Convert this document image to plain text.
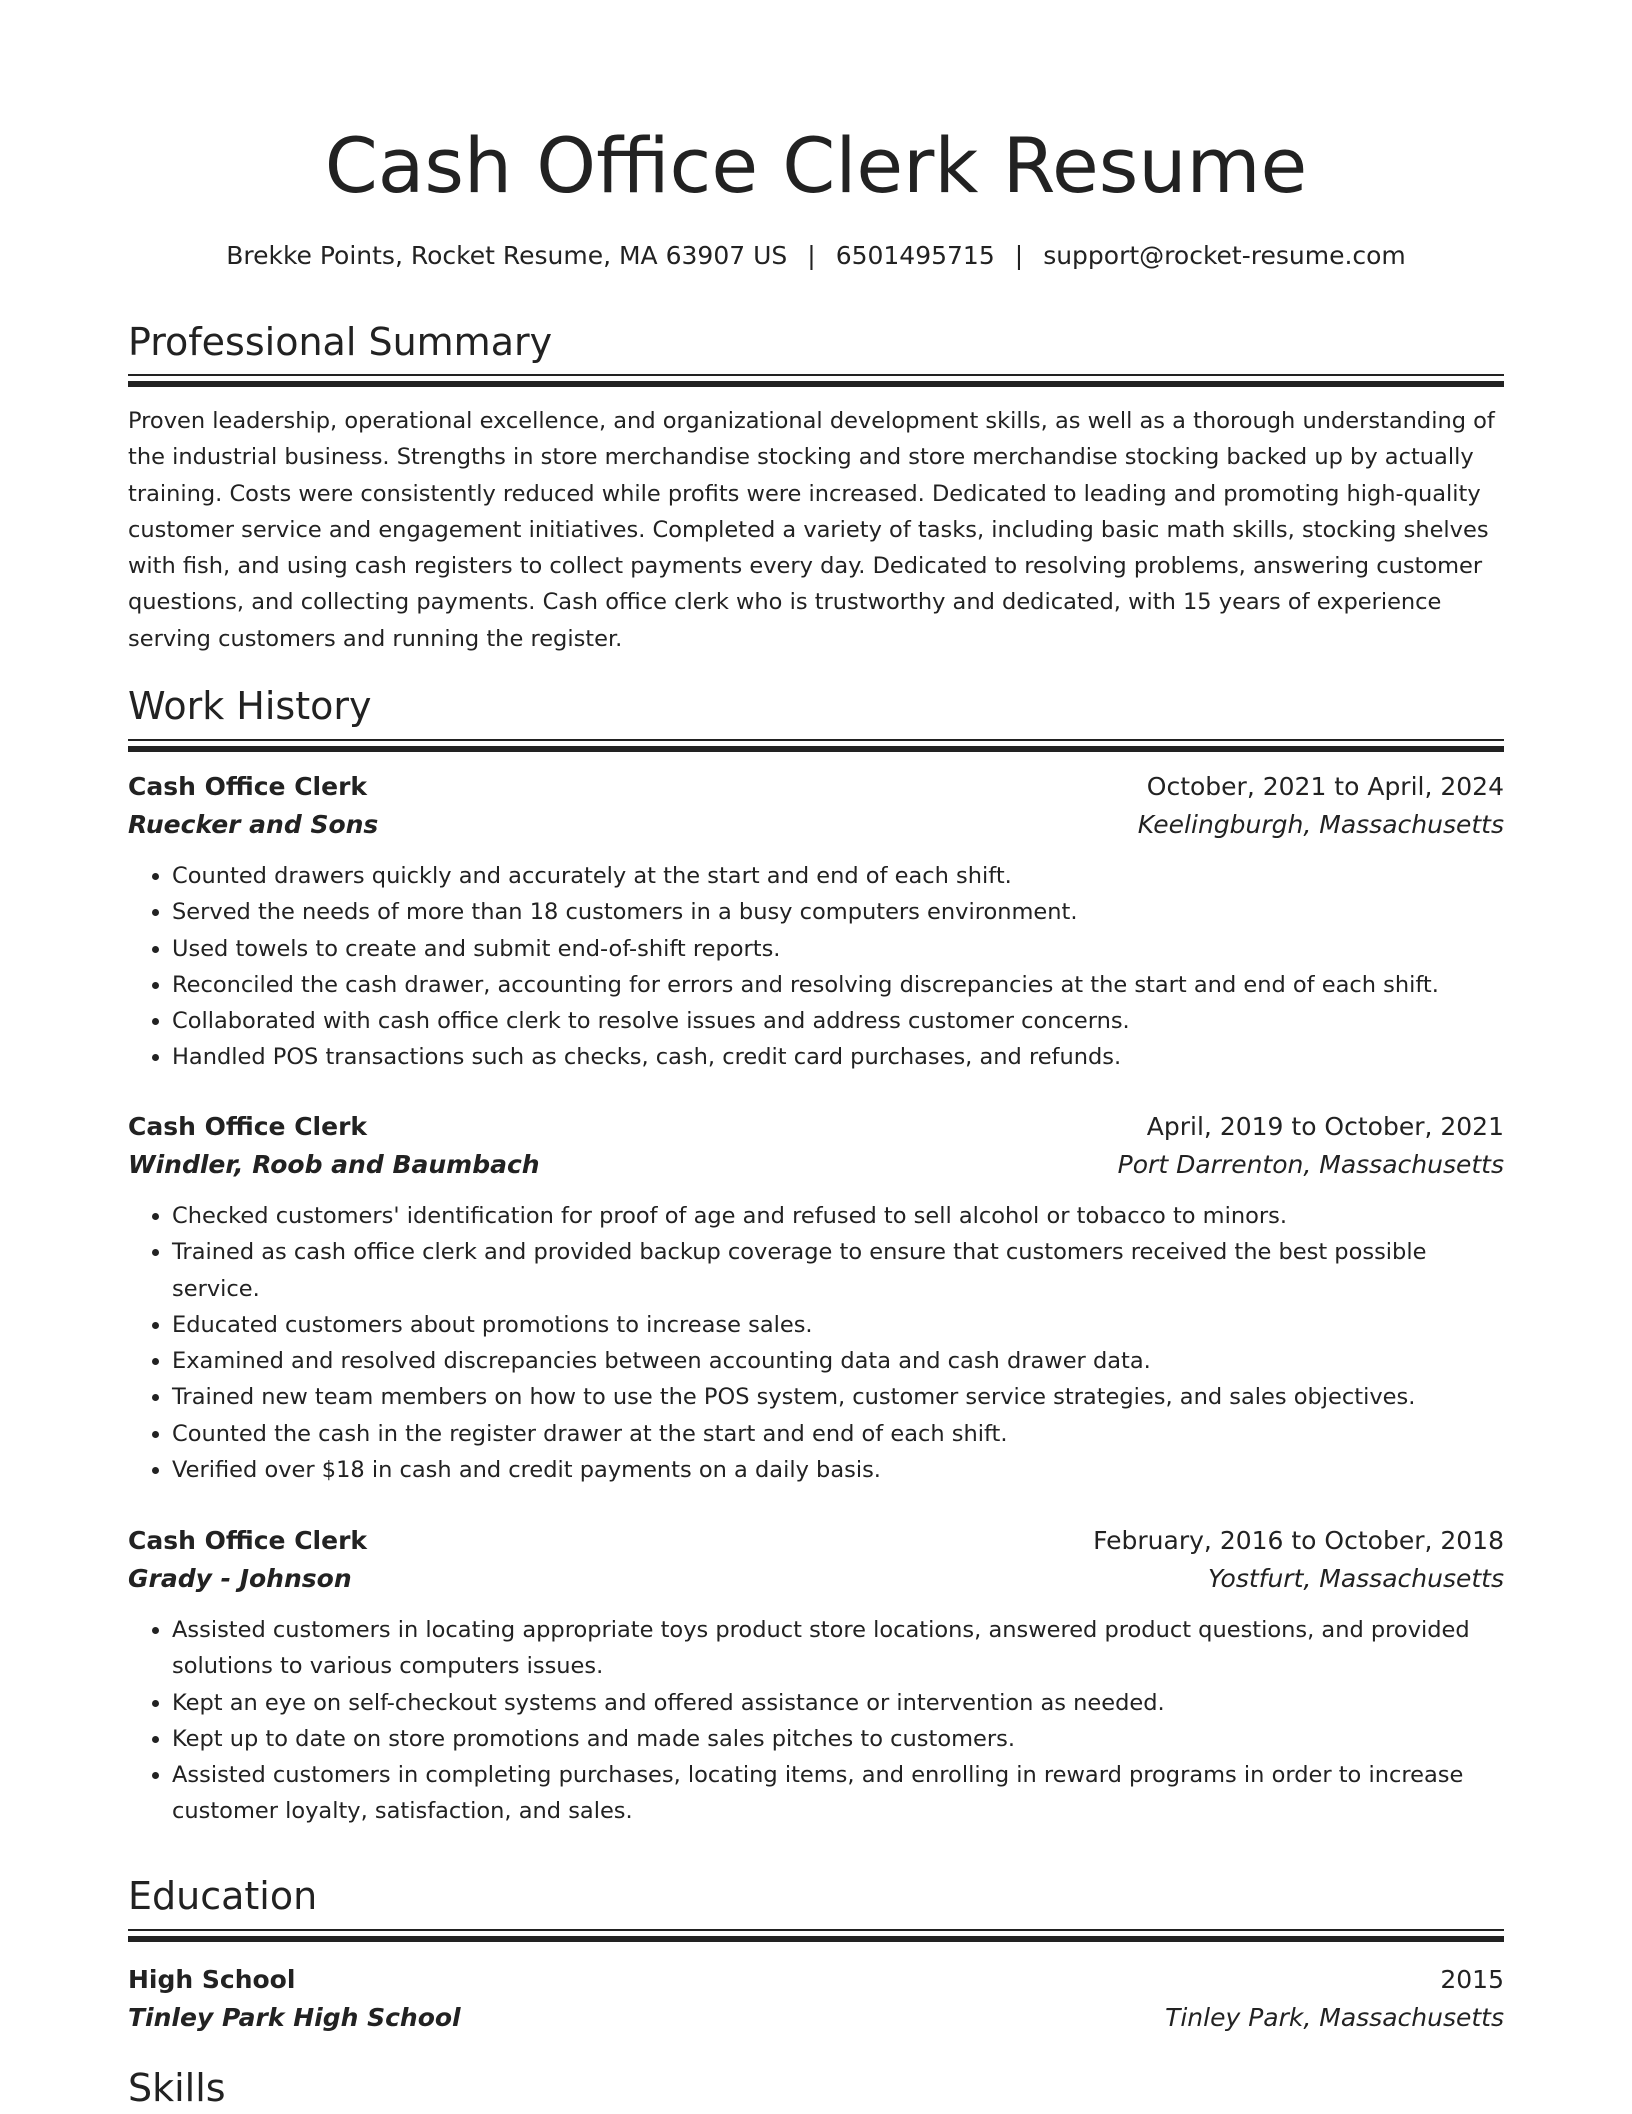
Cash Office Clerk Resume
Brekke Points, Rocket Resume, MA 63907 US | 6501495715 | support@rocket-resume.com
Professional Summary

Proven leadership, operational excellence, and organizational development skills, as well as a thorough understanding of the industrial business. Strengths in store merchandise stocking and store merchandise stocking backed up by actually training. Costs were consistently reduced while profits were increased. Dedicated to leading and promoting high-quality customer service and engagement initiatives. Completed a variety of tasks, including basic math skills, stocking shelves with fish, and using cash registers to collect payments every day. Dedicated to resolving problems, answering customer questions, and collecting payments. Cash office clerk who is trustworthy and dedicated, with 15 years of experience serving customers and running the register.

Work History
Cash Office Clerk	October, 2021 to April, 2024
Ruecker and Sons	Keelingburgh, Massachusetts
• Counted drawers quickly and accurately at the start and end of each shift.
• Served the needs of more than 18 customers in a busy computers environment.
• Used towels to create and submit end-of-shift reports.
• Reconciled the cash drawer, accounting for errors and resolving discrepancies at the start and end of each shift.
• Collaborated with cash office clerk to resolve issues and address customer concerns.
• Handled POS transactions such as checks, cash, credit card purchases, and refunds.
Cash Office Clerk	April, 2019 to October, 2021
Windler, Roob and Baumbach	Port Darrenton, Massachusetts
• Checked customers' identification for proof of age and refused to sell alcohol or tobacco to minors.
• Trained as cash office clerk and provided backup coverage to ensure that customers received the best possible service.
• Educated customers about promotions to increase sales.
• Examined and resolved discrepancies between accounting data and cash drawer data.
• Trained new team members on how to use the POS system, customer service strategies, and sales objectives.
• Counted the cash in the register drawer at the start and end of each shift.
• Verified over $18 in cash and credit payments on a daily basis.
Cash Office Clerk	February, 2016 to October, 2018
Grady - Johnson	Yostfurt, Massachusetts
• Assisted customers in locating appropriate toys product store locations, answered product questions, and provided solutions to various computers issues.
• Kept an eye on self-checkout systems and offered assistance or intervention as needed.
• Kept up to date on store promotions and made sales pitches to customers.
• Assisted customers in completing purchases, locating items, and enrolling in reward programs in order to increase customer loyalty, satisfaction, and sales.
Education
High School	2015
Tinley Park High School	Tinley Park, Massachusetts
Skills
